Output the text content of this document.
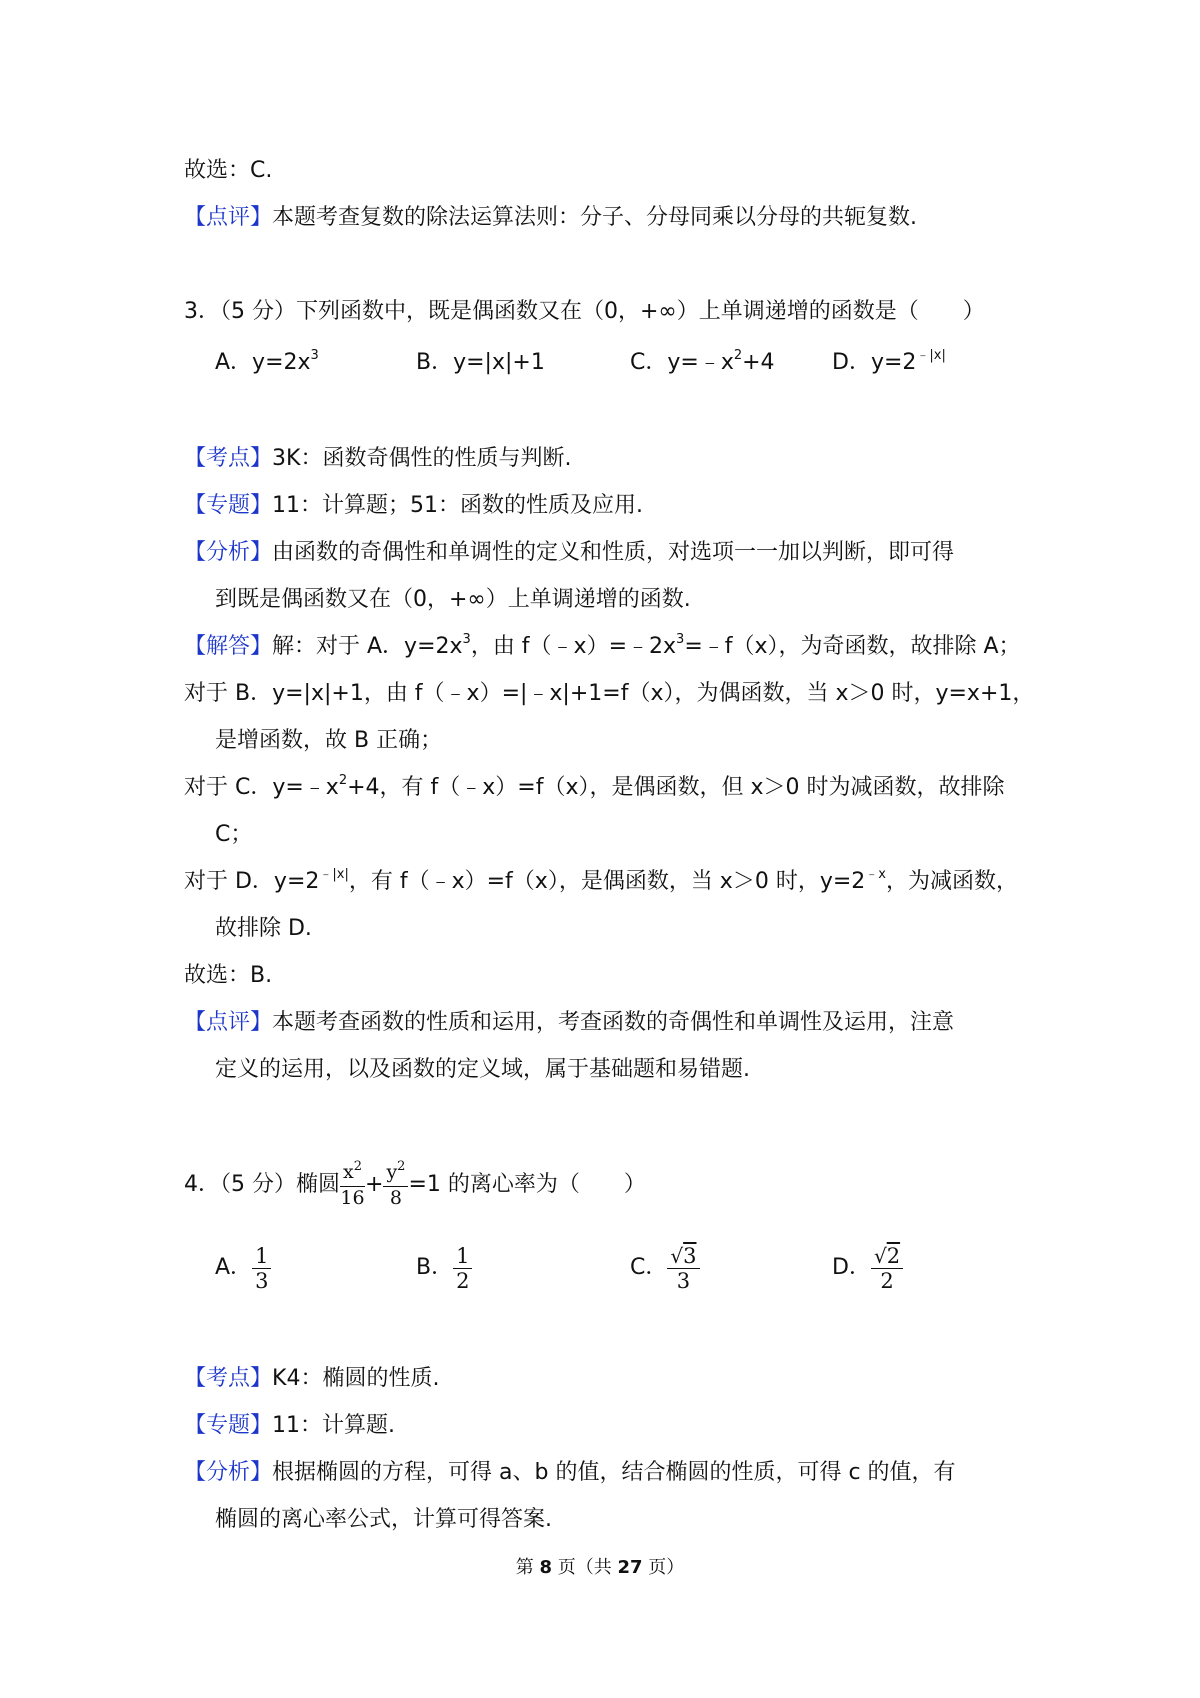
故选：C.
【点评】本题考查复数的除法运算法则：分子、分母同乘以分母的共轭复数.
3．（5 分）下列函数中，既是偶函数又在（0，+∞）上单调递增的函数是（　　）
A．$y=2x^3$	B．y=|x|+1	C．$y=﹣x^2+4$	D．$y=2^{﹣|x|}$
【考点】3K：函数奇偶性的性质与判断.
【专题】11：计算题；51：函数的性质及应用.
【分析】由函数的奇偶性和单调性的定义和性质，对选项一一加以判断，即可得
到既是偶函数又在（0，+∞）上单调递增的函数.
【解答】解：对于 A．$y=2x^3$，由 $f(﹣x)=﹣2x^3=﹣f(x)$，为奇函数，故排除 A；
对于 B．y=|x|+1，由 f（﹣x）=|﹣x|+1=f（x），为偶函数，当 x＞0 时，y=x+1，
是增函数，故 B 正确；
对于 C．$y=﹣x^2+4$，有 f（﹣x）=f（x），是偶函数，但 x＞0 时为减函数，故排除
C；
对于 D．$y=2^{﹣|x|}$，有 f（﹣x）=f（x），是偶函数，当 x＞0 时，$y=2^{﹣x}$，为减函数，
故排除 D.
故选：B.
【点评】本题考查函数的性质和运用，考查函数的奇偶性和单调性及运用，注意
定义的运用，以及函数的定义域，属于基础题和易错题.
4．（5 分）椭圆 $\frac{x^2}{16} + \frac{y^2}{8} =1$ 的离心率为（　　）
A． $\frac{1}{3}$	B． $\frac{1}{2}$	C． $\frac{√3}{3}$	D． $\frac{√2}{2}$
【考点】K4：椭圆的性质.
【专题】11：计算题.
【分析】根据椭圆的方程，可得 a、b 的值，结合椭圆的性质，可得 c 的值，有
椭圆的离心率公式，计算可得答案.
第 8 页（共 27 页）
